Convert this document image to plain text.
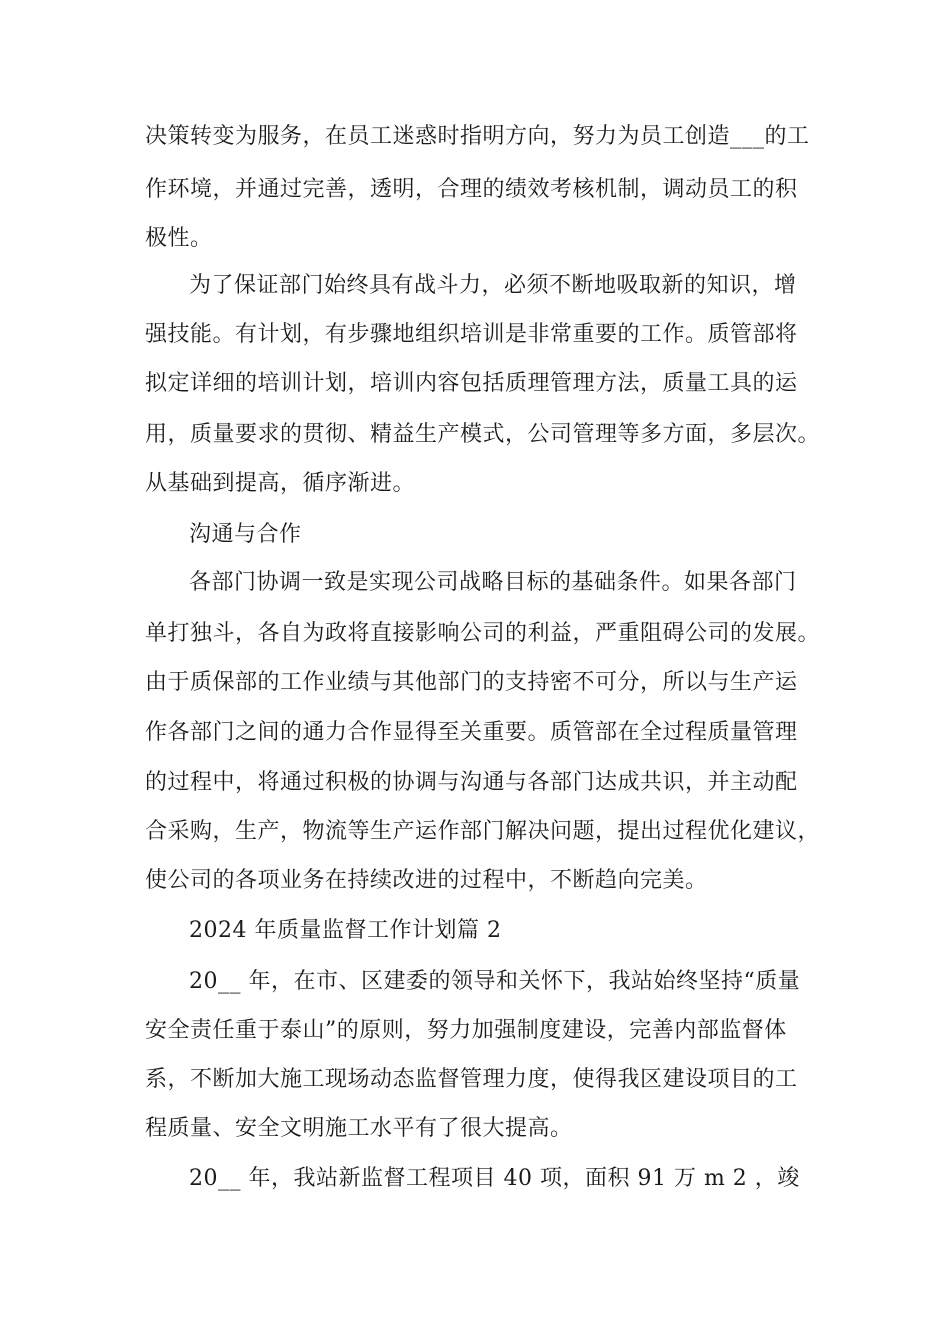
决策转变为服务，在员工迷惑时指明方向，努力为员工创造___的工
作环境，并通过完善，透明，合理的绩效考核机制，调动员工的积
极性。
为了保证部门始终具有战斗力，必须不断地吸取新的知识，增
强技能。有计划，有步骤地组织培训是非常重要的工作。质管部将
拟定详细的培训计划，培训内容包括质理管理方法，质量工具的运
用，质量要求的贯彻、精益生产模式，公司管理等多方面，多层次。
从基础到提高，循序渐进。
沟通与合作
各部门协调一致是实现公司战略目标的基础条件。如果各部门
单打独斗，各自为政将直接影响公司的利益，严重阻碍公司的发展。
由于质保部的工作业绩与其他部门的支持密不可分，所以与生产运
作各部门之间的通力合作显得至关重要。质管部在全过程质量管理
的过程中，将通过积极的协调与沟通与各部门达成共识，并主动配
合采购，生产，物流等生产运作部门解决问题，提出过程优化建议，
使公司的各项业务在持续改进的过程中，不断趋向完美。
2024 年质量监督工作计划篇 2
20__ 年，在市、区建委的领导和关怀下，我站始终坚持“质量
安全责任重于泰山”的原则，努力加强制度建设，完善内部监督体
系，不断加大施工现场动态监督管理力度，使得我区建设项目的工
程质量、安全文明施工水平有了很大提高。
20__ 年，我站新监督工程项目 40 项，面积 91 万 m 2 ，竣
